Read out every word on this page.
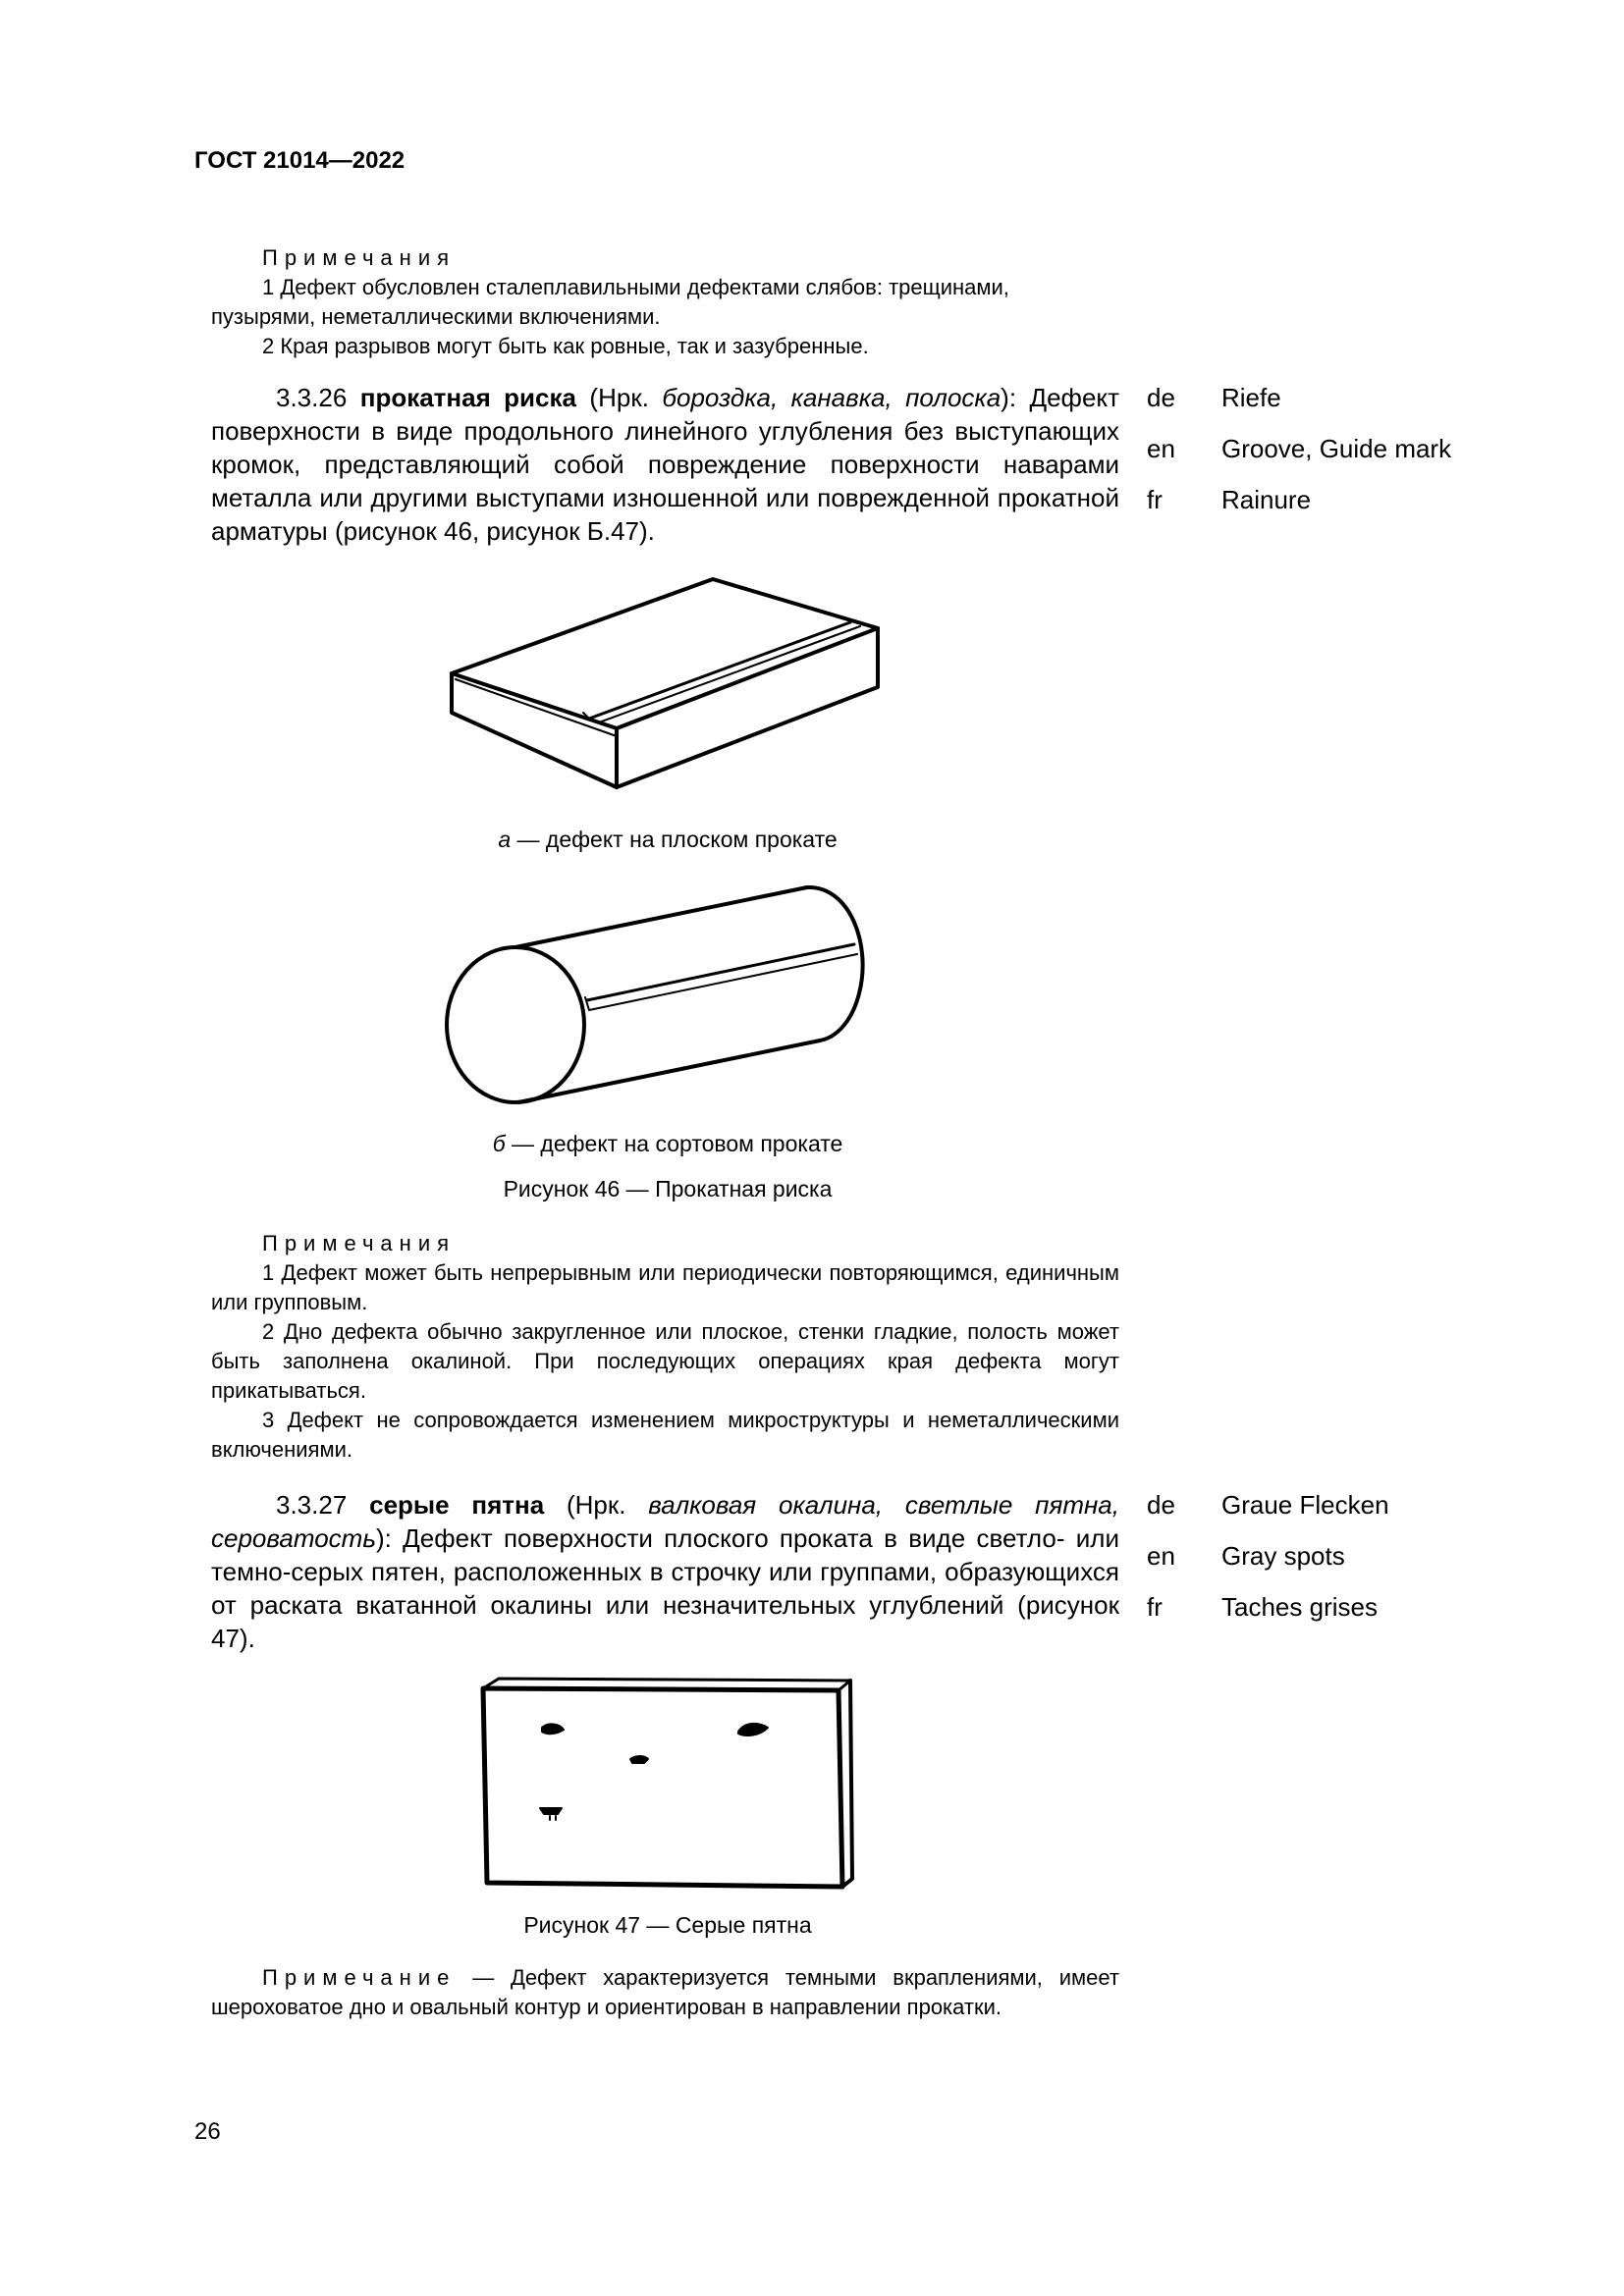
ГОСТ 21014—2022
Примечания
1 Дефект обусловлен сталеплавильными дефектами слябов: трещинами,
пузырями, неметаллическими включениями.
2 Края разрывов могут быть как ровные, так и зазубренные.
3.3.26 прокатная риска (Нрк. бороздка, канавка, полоска): Дефект поверхности в виде продольного линейного углубления без выступающих кромок, представляющий собой повреждение поверхности наварами металла или другими выступами изношенной или поврежденной прокатной арматуры (рисунок 46, рисунок Б.47).
de Riefe
en Groove, Guide mark
fr Rainure
а — дефект на плоском прокате
б — дефект на сортовом прокате
Рисунок 46 — Прокатная риска
Примечания
1 Дефект может быть непрерывным или периодически повторяющимся, единичным или групповым.
2 Дно дефекта обычно закругленное или плоское, стенки гладкие, полость может быть заполнена окалиной. При последующих операциях края дефекта могут прикатываться.
3 Дефект не сопровождается изменением микроструктуры и неметаллическими включениями.
3.3.27 серые пятна (Нрк. валковая окалина, светлые пятна, сероватость): Дефект поверхности плоского проката в виде светло- или темно-серых пятен, расположенных в строчку или группами, образующихся от раската вкатанной окалины или незначительных углублений (рисунок 47).
de Graue Flecken
en Gray spots
fr Taches grises
Рисунок 47 — Серые пятна
Примечание — Дефект характеризуется темными вкраплениями, имеет шероховатое дно и овальный контур и ориентирован в направлении прокатки.
26
